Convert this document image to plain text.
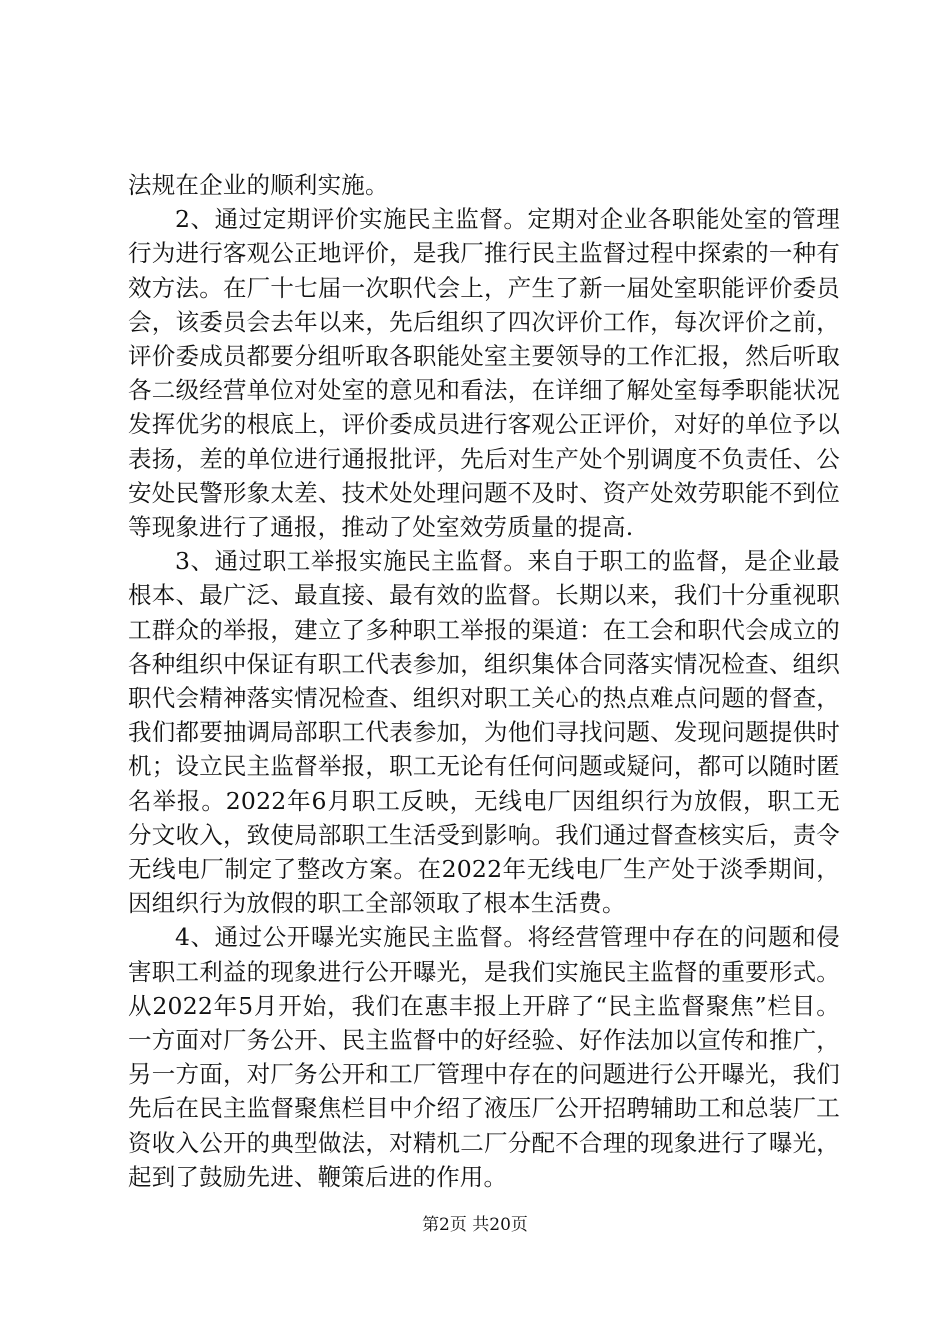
法规在企业的顺利实施。

2、通过定期评价实施民主监督。定期对企业各职能处室的管理行为进行客观公正地评价，是我厂推行民主监督过程中探索的一种有效方法。在厂十七届一次职代会上，产生了新一届处室职能评价委员会，该委员会去年以来，先后组织了四次评价工作，每次评价之前，评价委成员都要分组听取各职能处室主要领导的工作汇报，然后听取各二级经营单位对处室的意见和看法，在详细了解处室每季职能状况发挥优劣的根底上，评价委成员进行客观公正评价，对好的单位予以表扬，差的单位进行通报批评，先后对生产处个别调度不负责任、公安处民警形象太差、技术处处理问题不及时、资产处效劳职能不到位等现象进行了通报，推动了处室效劳质量的提高.

3、通过职工举报实施民主监督。来自于职工的监督，是企业最根本、最广泛、最直接、最有效的监督。长期以来，我们十分重视职工群众的举报，建立了多种职工举报的渠道：在工会和职代会成立的各种组织中保证有职工代表参加，组织集体合同落实情况检查、组织职代会精神落实情况检查、组织对职工关心的热点难点问题的督查，我们都要抽调局部职工代表参加，为他们寻找问题、发现问题提供时机；设立民主监督举报，职工无论有任何问题或疑问，都可以随时匿名举报。2022年6月职工反映，无线电厂因组织行为放假，职工无分文收入，致使局部职工生活受到影响。我们通过督查核实后，责令无线电厂制定了整改方案。在2022年无线电厂生产处于淡季期间，因组织行为放假的职工全部领取了根本生活费。

4、通过公开曝光实施民主监督。将经营管理中存在的问题和侵害职工利益的现象进行公开曝光，是我们实施民主监督的重要形式。从2022年5月开始，我们在惠丰报上开辟了“民主监督聚焦”栏目。一方面对厂务公开、民主监督中的好经验、好作法加以宣传和推广，另一方面，对厂务公开和工厂管理中存在的问题进行公开曝光，我们先后在民主监督聚焦栏目中介绍了液压厂公开招聘辅助工和总装厂工资收入公开的典型做法，对精机二厂分配不合理的现象进行了曝光，起到了鼓励先进、鞭策后进的作用。

第2页 共20页
